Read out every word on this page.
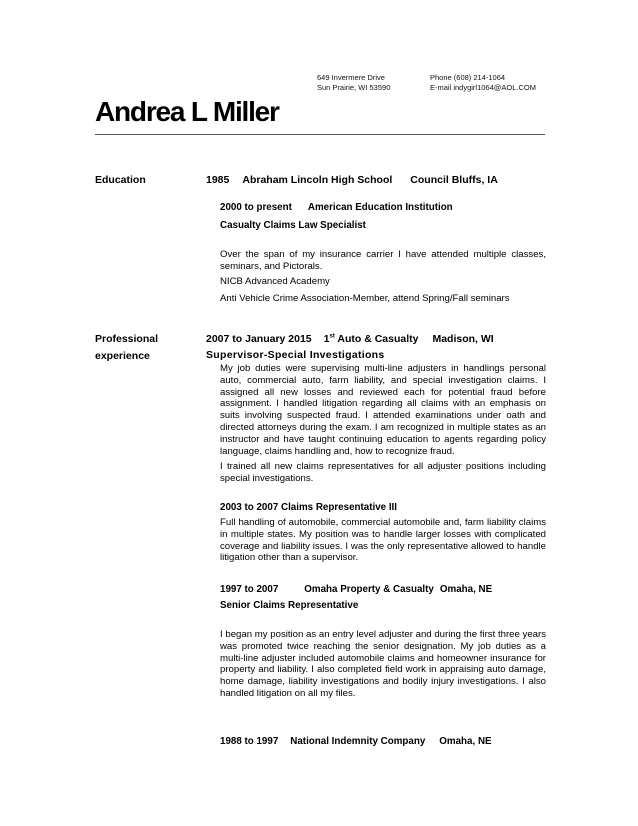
649 Invermere Drive
Sun Prairie, WI 53590
Phone (608) 214-1064
E-mail indygirl1064@AOL.COM
Andrea L Miller
Education	1985 Abraham Lincoln High School Council Bluffs, IA
2000 to present American Education Institution
Casualty Claims Law Specialist
Over the span of my insurance carrier I have attended multiple classes, seminars, and Pictorals.
NICB Advanced Academy
Anti Vehicle Crime Association-Member, attend Spring/Fall seminars
Professional
experience
2007 to January 2015 1st Auto & Casualty Madison, WI
Supervisor-Special Investigations
My job duties were supervising multi-line adjusters in handlings personal auto, commercial auto, farm liability, and special investigation claims. I assigned all new losses and reviewed each for potential fraud before assignment. I handled litigation regarding all claims with an emphasis on suits involving suspected fraud. I attended examinations under oath and directed attorneys during the exam. I am recognized in multiple states as an instructor and have taught continuing education to agents regarding policy language, claims handling and, how to recognize fraud.
I trained all new claims representatives for all adjuster positions including special investigations.
2003 to 2007 Claims Representative III
Full handling of automobile, commercial automobile and, farm liability claims in multiple states. My position was to handle larger losses with complicated coverage and liability issues. I was the only representative allowed to handle litigation other than a supervisor.
1997 to 2007	Omaha Property & Casualty Omaha, NE
Senior Claims Representative
I began my position as an entry level adjuster and during the first three years was promoted twice reaching the senior designation. My job duties as a multi-line adjuster included automobile claims and homeowner insurance for property and liability. I also completed field work in appraising auto damage, home damage, liability investigations and bodily injury investigations. I also handled litigation on all my files.
1988 to 1997 National Indemnity Company Omaha, NE
